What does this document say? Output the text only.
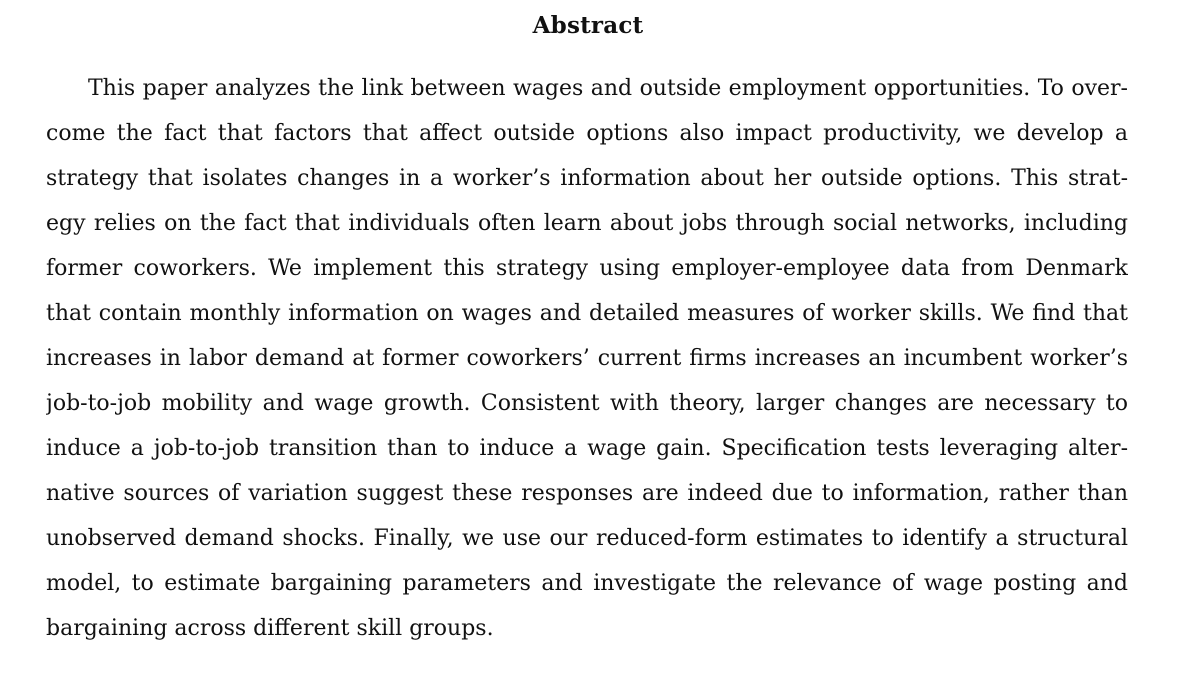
Abstract
This paper analyzes the link between wages and outside employment opportunities. To over-
come the fact that factors that affect outside options also impact productivity, we develop a
strategy that isolates changes in a worker’s information about her outside options. This strat-
egy relies on the fact that individuals often learn about jobs through social networks, including
former coworkers. We implement this strategy using employer-employee data from Denmark
that contain monthly information on wages and detailed measures of worker skills. We find that
increases in labor demand at former coworkers’ current firms increases an incumbent worker’s
job-to-job mobility and wage growth. Consistent with theory, larger changes are necessary to
induce a job-to-job transition than to induce a wage gain. Specification tests leveraging alter-
native sources of variation suggest these responses are indeed due to information, rather than
unobserved demand shocks. Finally, we use our reduced-form estimates to identify a structural
model, to estimate bargaining parameters and investigate the relevance of wage posting and
bargaining across different skill groups.
